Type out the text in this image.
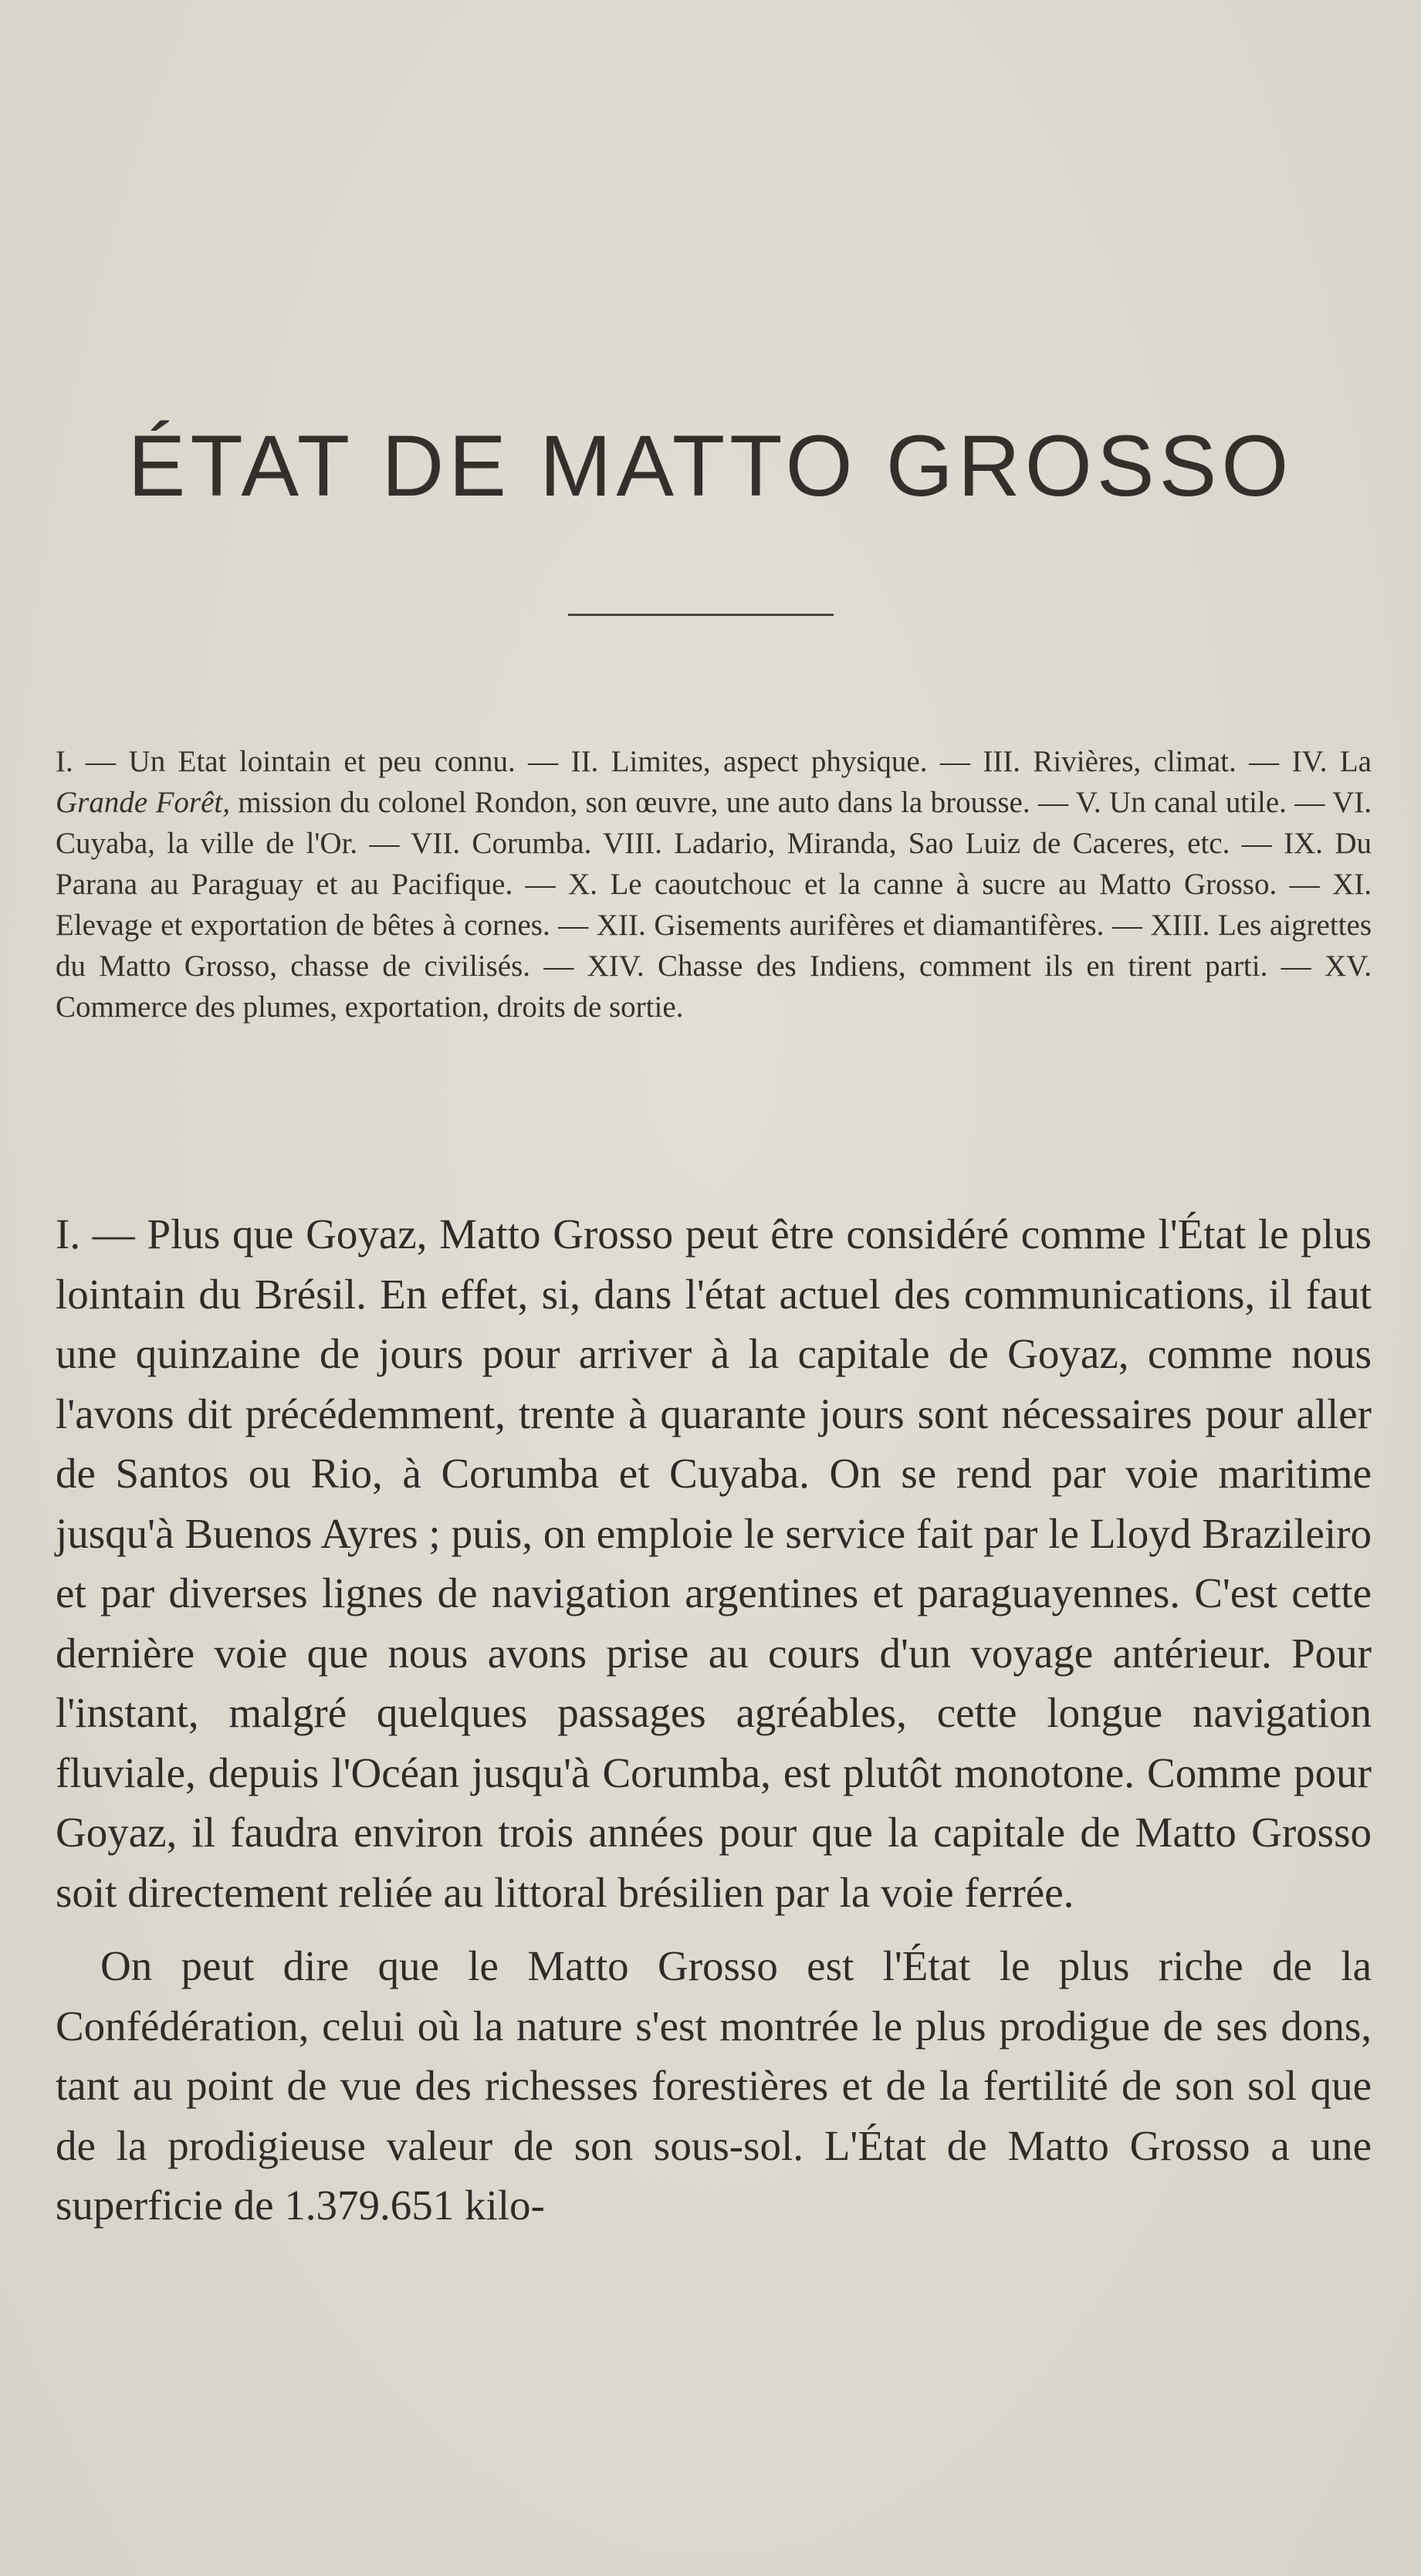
ÉTAT DE MATTO GROSSO

I. — Un Etat lointain et peu connu. — II. Limites, aspect physique. — III. Rivières, climat. — IV. La Grande Forêt, mission du colonel Rondon, son œuvre, une auto dans la brousse. — V. Un canal utile. — VI. Cuyaba, la ville de l'Or. — VII. Corumba. VIII. Ladario, Miranda, Sao Luiz de Caceres, etc. — IX. Du Parana au Paraguay et au Pacifique. — X. Le caoutchouc et la canne à sucre au Matto Grosso. — XI. Elevage et exportation de bêtes à cornes. — XII. Gisements aurifères et diamantifères. — XIII. Les aigrettes du Matto Grosso, chasse de civilisés. — XIV. Chasse des Indiens, comment ils en tirent parti. — XV. Commerce des plumes, exportation, droits de sortie.

I. — Plus que Goyaz, Matto Grosso peut être considéré comme l'État le plus lointain du Brésil. En effet, si, dans l'état actuel des communications, il faut une quinzaine de jours pour arriver à la capitale de Goyaz, comme nous l'avons dit précédemment, trente à quarante jours sont nécessaires pour aller de Santos ou Rio, à Corumba et Cuyaba. On se rend par voie maritime jusqu'à Buenos Ayres ; puis, on emploie le service fait par le Lloyd Brazileiro et par diverses lignes de navigation argentines et paraguayennes. C'est cette dernière voie que nous avons prise au cours d'un voyage antérieur. Pour l'instant, malgré quelques passages agréables, cette longue navigation fluviale, depuis l'Océan jusqu'à Corumba, est plutôt monotone. Comme pour Goyaz, il faudra environ trois années pour que la capitale de Matto Grosso soit directement reliée au littoral brésilien par la voie ferrée.

On peut dire que le Matto Grosso est l'État le plus riche de la Confédération, celui où la nature s'est montrée le plus prodigue de ses dons, tant au point de vue des richesses forestières et de la fertilité de son sol que de la prodigieuse valeur de son sous-sol. L'État de Matto Grosso a une superficie de 1.379.651 kilo-
